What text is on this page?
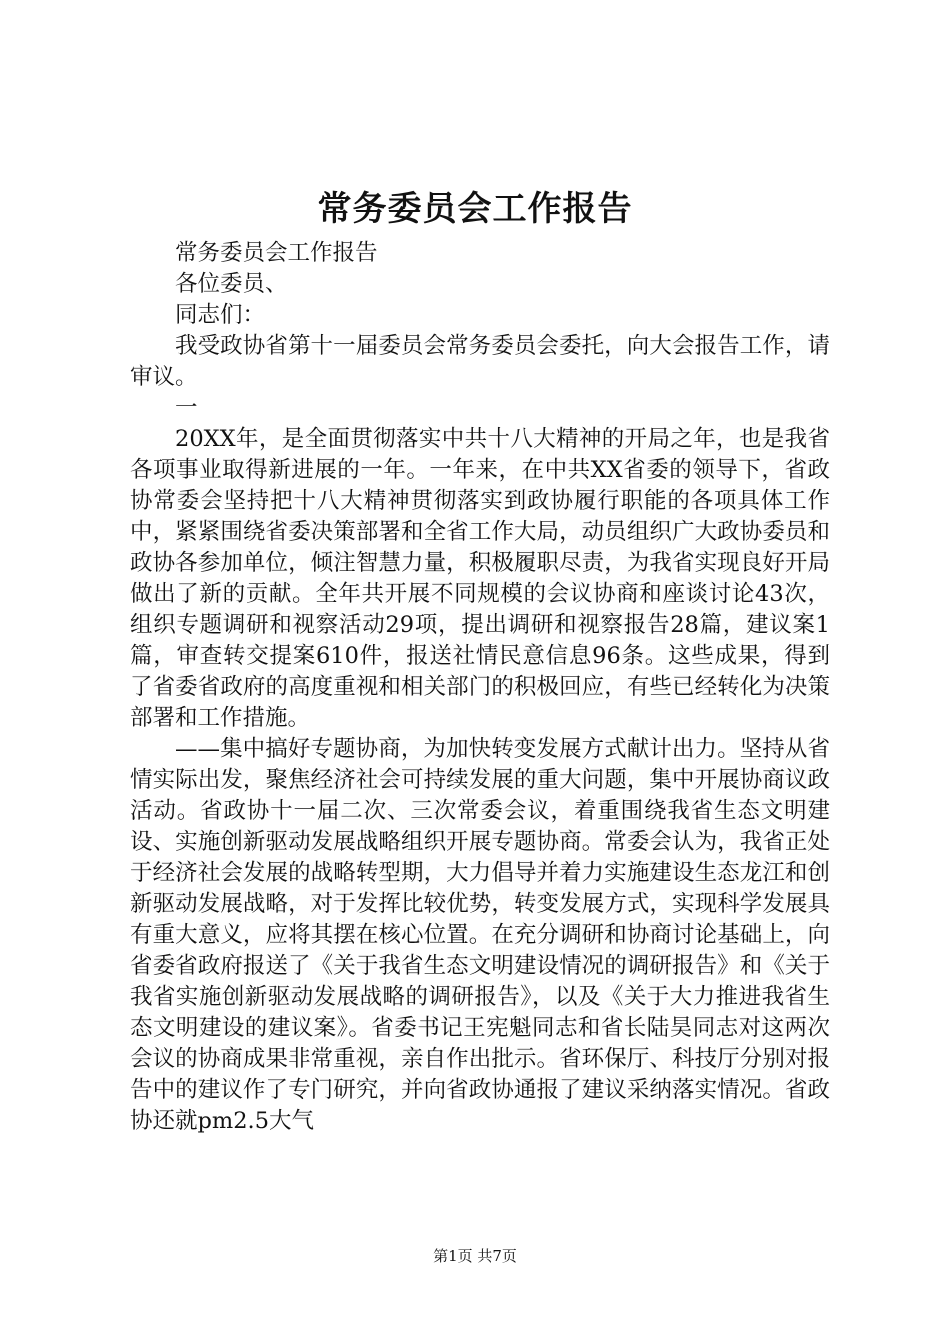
常务委员会工作报告

常务委员会工作报告

各位委员、

同志们：

我受政协省第十一届委员会常务委员会委托，向大会报告工作，请审议。

一

20XX年，是全面贯彻落实中共十八大精神的开局之年，也是我省各项事业取得新进展的一年。一年来，在中共XX省委的领导下，省政协常委会坚持把十八大精神贯彻落实到政协履行职能的各项具体工作中，紧紧围绕省委决策部署和全省工作大局，动员组织广大政协委员和政协各参加单位，倾注智慧力量，积极履职尽责，为我省实现良好开局做出了新的贡献。全年共开展不同规模的会议协商和座谈讨论43次，组织专题调研和视察活动29项，提出调研和视察报告28篇，建议案1篇，审查转交提案610件，报送社情民意信息96条。这些成果，得到了省委省政府的高度重视和相关部门的积极回应，有些已经转化为决策部署和工作措施。

——集中搞好专题协商，为加快转变发展方式献计出力。坚持从省情实际出发，聚焦经济社会可持续发展的重大问题，集中开展协商议政活动。省政协十一届二次、三次常委会议，着重围绕我省生态文明建设、实施创新驱动发展战略组织开展专题协商。常委会认为，我省正处于经济社会发展的战略转型期，大力倡导并着力实施建设生态龙江和创新驱动发展战略，对于发挥比较优势，转变发展方式，实现科学发展具有重大意义，应将其摆在核心位置。在充分调研和协商讨论基础上，向省委省政府报送了《关于我省生态文明建设情况的调研报告》和《关于我省实施创新驱动发展战略的调研报告》，以及《关于大力推进我省生态文明建设的建议案》。省委书记王宪魁同志和省长陆昊同志对这两次会议的协商成果非常重视，亲自作出批示。省环保厅、科技厅分别对报告中的建议作了专门研究，并向省政协通报了建议采纳落实情况。省政协还就pm2.5大气

第1页 共7页
